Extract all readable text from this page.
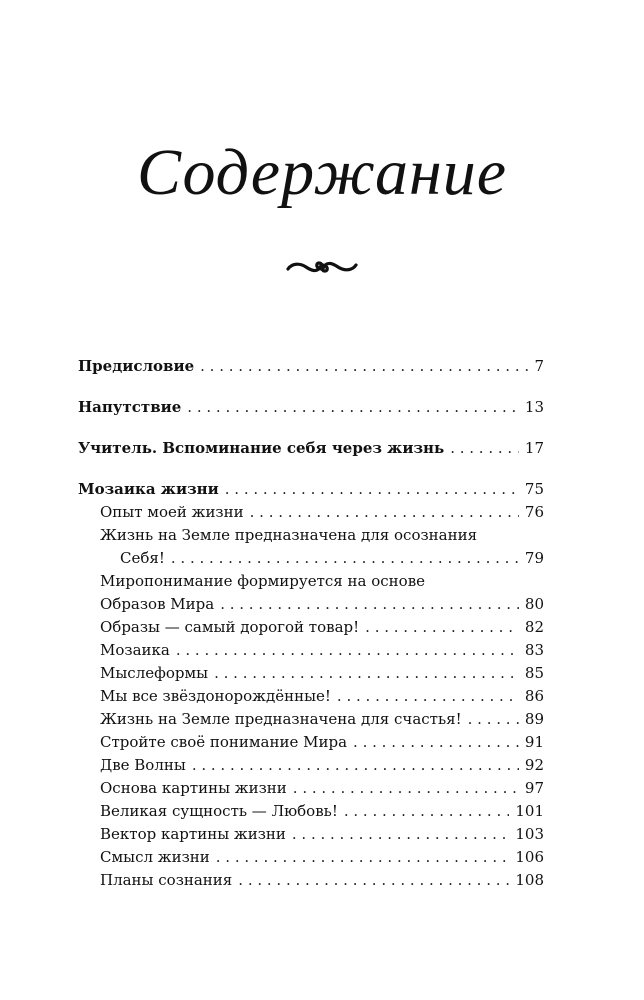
Содержание
Предисловие . . .	7
Напутствие . . .	13
Учитель. Вспоминание себя через жизнь . . .	17
Мозаика жизни . . .	75
Опыт моей жизни . . .	76
Жизнь на Земле предназначена для осознания
Себя! . . .	79
Миропонимание формируется на основе
Образов Мира . . .	80
Образы — самый дорогой товар! . . .	82
Мозаика . . .	83
Мыслеформы . . .	85
Мы все звёздонорождённые! . . .	86
Жизнь на Земле предназначена для счастья! . . .	89
Стройте своё понимание Мира . . .	91
Две Волны . . .	92
Основа картины жизни . . .	97
Великая сущность — Любовь! . . .	101
Вектор картины жизни . . .	103
Смысл жизни . . .	106
Планы сознания . . .	108
